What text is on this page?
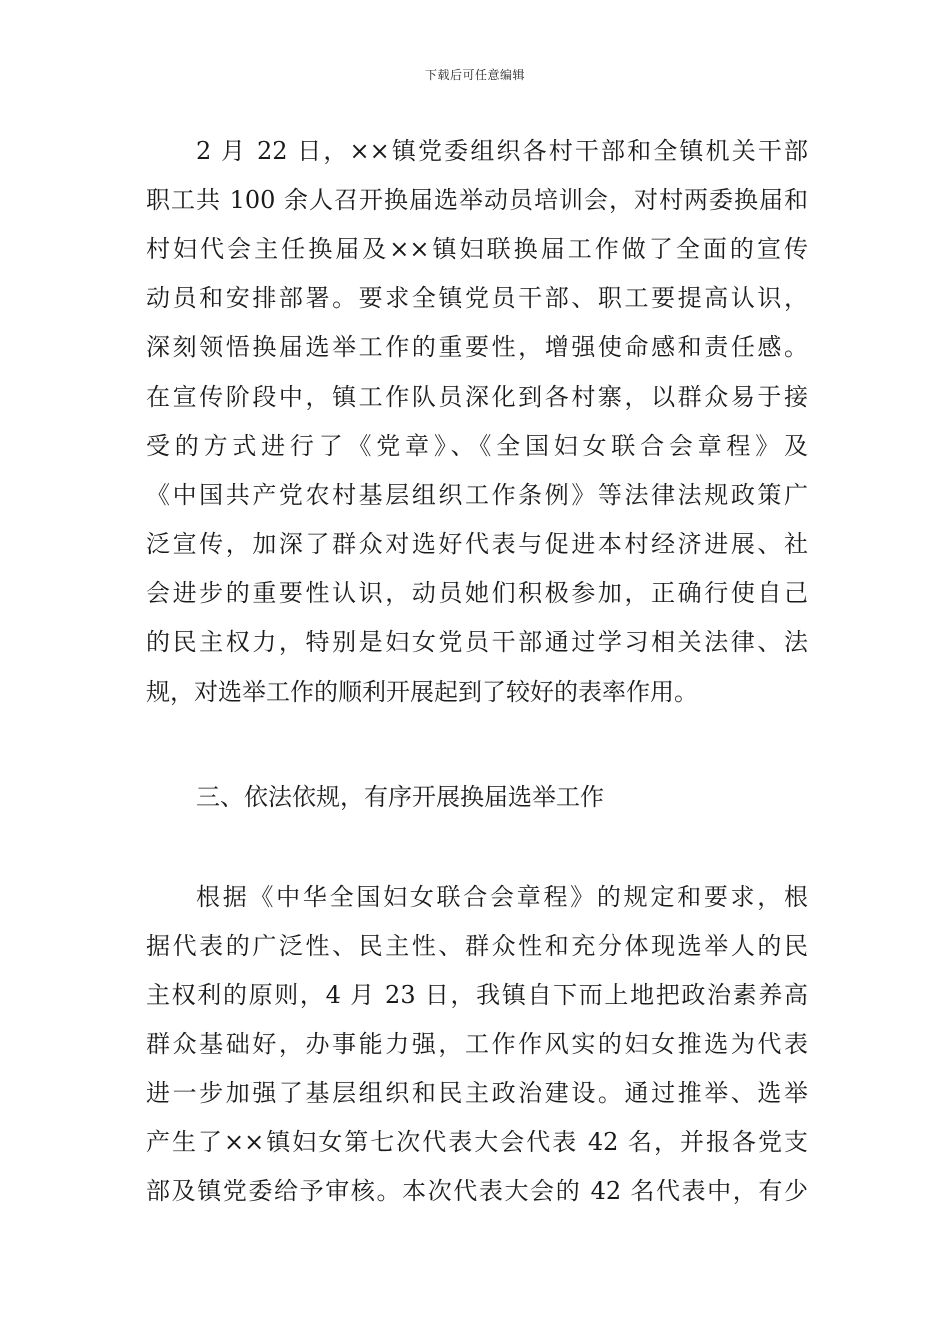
下载后可任意编辑
2 月 22 日，××镇党委组织各村干部和全镇机关干部
职工共 100 余人召开换届选举动员培训会，对村两委换届和
村妇代会主任换届及××镇妇联换届工作做了全面的宣传
动员和安排部署。要求全镇党员干部、职工要提高认识，
深刻领悟换届选举工作的重要性，增强使命感和责任感。
在宣传阶段中，镇工作队员深化到各村寨，以群众易于接
受的方式进行了《党章》、《全国妇女联合会章程》及
《中国共产党农村基层组织工作条例》等法律法规政策广
泛宣传，加深了群众对选好代表与促进本村经济进展、社
会进步的重要性认识，动员她们积极参加，正确行使自己
的民主权力，特别是妇女党员干部通过学习相关法律、法
规，对选举工作的顺利开展起到了较好的表率作用。
三、依法依规，有序开展换届选举工作
根据《中华全国妇女联合会章程》的规定和要求，根
据代表的广泛性、民主性、群众性和充分体现选举人的民
主权利的原则，4 月 23 日，我镇自下而上地把政治素养高
群众基础好，办事能力强，工作作风实的妇女推选为代表
进一步加强了基层组织和民主政治建设。通过推举、选举
产生了××镇妇女第七次代表大会代表 42 名，并报各党支
部及镇党委给予审核。本次代表大会的 42 名代表中，有少
